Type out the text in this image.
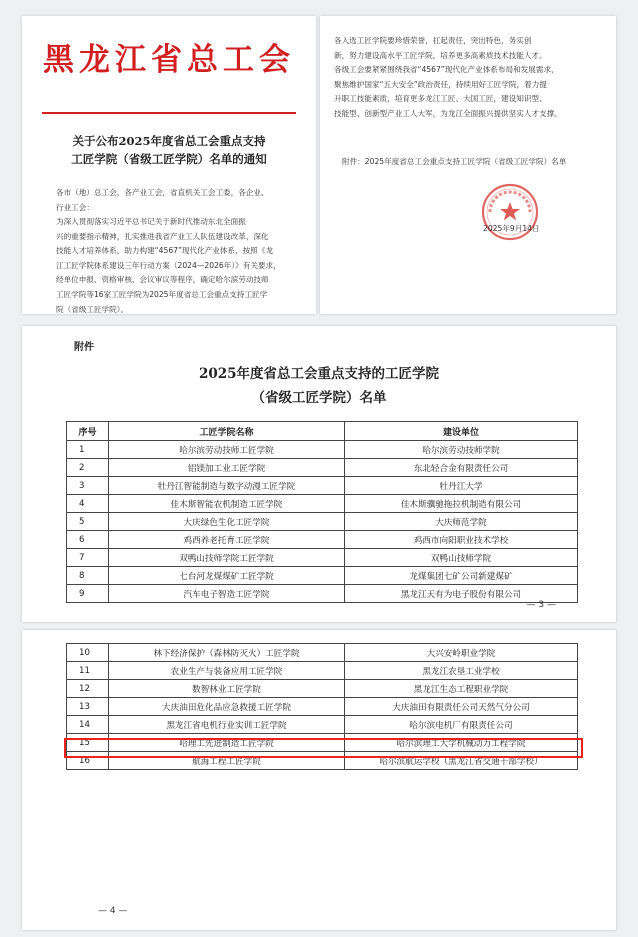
黑龙江省总工会
关于公布2025年度省总工会重点支持
工匠学院（省级工匠学院）名单的通知
各市（地）总工会，各产业工会，省直机关工会工委，各企业、
行业工会：
为深入贯彻落实习近平总书记关于新时代推动东北全面振
兴的重要指示精神，扎实推进我省产业工人队伍建设改革，深化
技能人才培养体系，助力构建“4567”现代化产业体系，按照《龙
江工匠学院体系建设三年行动方案（2024—2026年）》有关要求，
经单位申报、资格审核、会议审议等程序，确定哈尔滨劳动技师
工匠学院等16家工匠学院为2025年度省总工会重点支持工匠学
院（省级工匠学院）。
各入选工匠学院要珍惜荣誉，扛起责任，突出特色，务实创
新，努力建设高水平工匠学院，培养更多高素质技术技能人才。
各级工会要紧紧围绕我省“4567”现代化产业体系布局和发展需求，
聚焦维护国家“五大安全”政治责任，持续用好工匠学院，着力提
升职工技能素质，培育更多龙江工匠、大国工匠，建设知识型、
技能型、创新型产业工人大军，为龙江全面振兴提供坚实人才支撑。
附件：2025年度省总工会重点支持工匠学院（省级工匠学院）名单
2025年9月14日
附件
2025年度省总工会重点支持的工匠学院
（省级工匠学院）名单
序号	工匠学院名称	建设单位
1	哈尔滨劳动技师工匠学院	哈尔滨劳动技师学院
2	铝镁加工业工匠学院	东北轻合金有限责任公司
3	牡丹江智能制造与数字动漫工匠学院	牡丹江大学
4	佳木斯智能农机制造工匠学院	佳木斯骥驰拖拉机制造有限公司
5	大庆绿色生化工匠学院	大庆师范学院
6	鸡西养老托育工匠学院	鸡西市向阳职业技术学校
7	双鸭山技师学院工匠学院	双鸭山技师学院
8	七台河龙煤煤矿工匠学院	龙煤集团七矿公司新建煤矿
9	汽车电子智造工匠学院	黑龙江天有为电子股份有限公司
— 3 —
10	林下经济保护（森林防灭火）工匠学院	大兴安岭职业学院
11	农业生产与装备应用工匠学院	黑龙江农垦工业学校
12	数智林业工匠学院	黑龙江生态工程职业学院
13	大庆油田危化品应急救援工匠学院	大庆油田有限责任公司天然气分公司
14	黑龙江省电机行业实训工匠学院	哈尔滨电机厂有限责任公司
15	哈理工先进制造工匠学院	哈尔滨理工大学机械动力工程学院
16	航海工程工匠学院	哈尔滨航运学校（黑龙江省交通干部学校）
— 4 —
